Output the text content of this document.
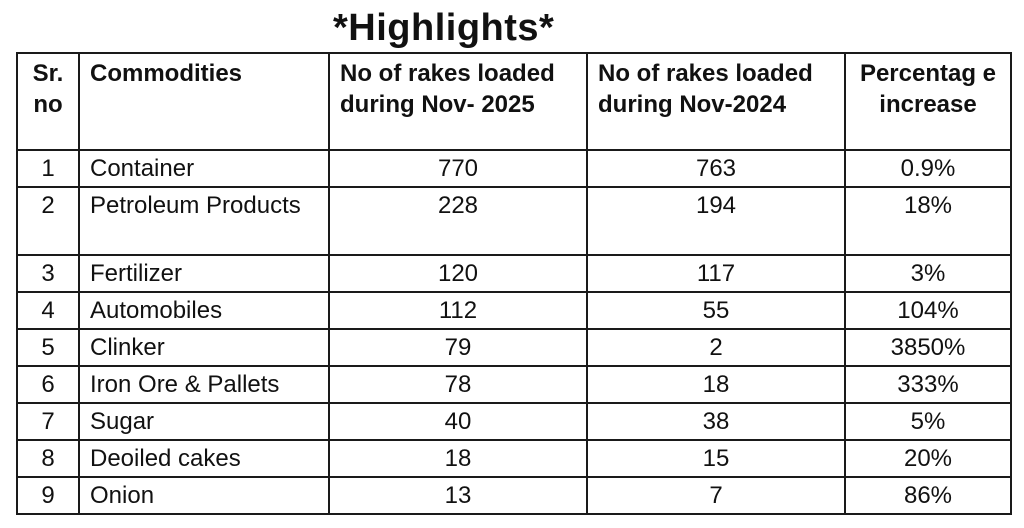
*Highlights*
Sr. no	Commodities	No of rakes loaded during Nov- 2025	No of rakes loaded during Nov-2024	Percentag e increase
1	Container	770	763	0.9%
2	Petroleum Products	228	194	18%
3	Fertilizer	120	117	3%
4	Automobiles	112	55	104%
5	Clinker	79	2	3850%
6	Iron Ore & Pallets	78	18	333%
7	Sugar	40	38	5%
8	Deoiled cakes	18	15	20%
9	Onion	13	7	86%
